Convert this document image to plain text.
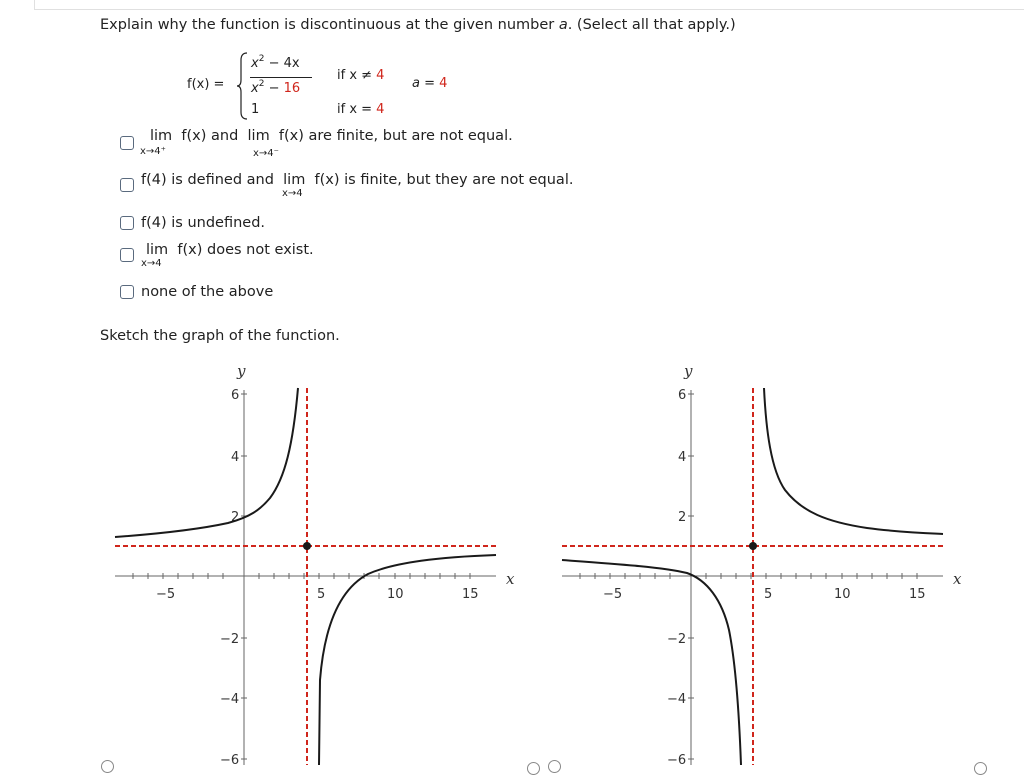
Explain why the function is discontinuous at the given number a. (Select all that apply.)
f(x) =
$x^2 - 4x$
$x^2 - 16$
1
if x ≠ 4
if x = 4
a = 4
lim f(x) and lim f(x) are finite, but are not equal.
x→4⁺	x→4⁻
f(4) is defined and lim f(x) is finite, but they are not equal.
x→4
f(4) is undefined.
lim f(x) does not exist.
x→4
none of the above
Sketch the graph of the function.
−5	5	10	15
6
4
2
−2
−4
−6
x
y
−5	5	10	15
6
4
2
−2
−4
−6
x
y
